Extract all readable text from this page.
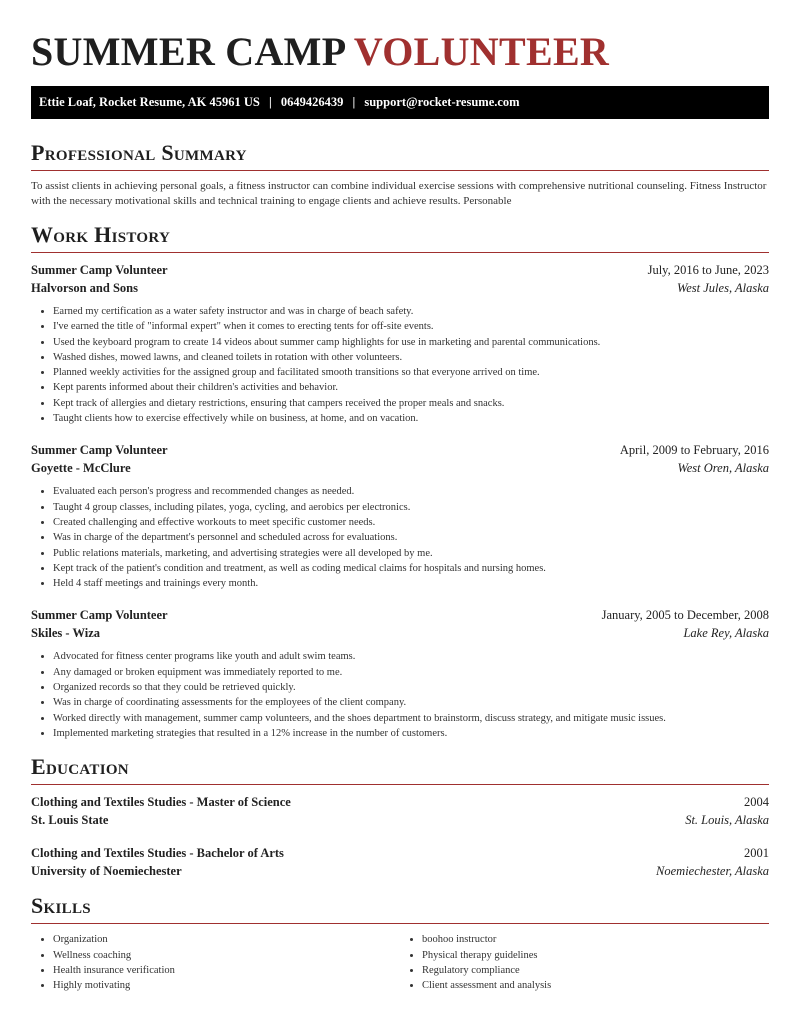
SUMMER CAMP VOLUNTEER
Ettie Loaf, Rocket Resume, AK 45961 US | 0649426439 | support@rocket-resume.com
Professional Summary
To assist clients in achieving personal goals, a fitness instructor can combine individual exercise sessions with comprehensive nutritional counseling. Fitness Instructor with the necessary motivational skills and technical training to engage clients and achieve results. Personable
Work History
Summer Camp Volunteer	July, 2016 to June, 2023
Halvorson and Sons	West Jules, Alaska
• Earned my certification as a water safety instructor and was in charge of beach safety.
• I've earned the title of "informal expert" when it comes to erecting tents for off-site events.
• Used the keyboard program to create 14 videos about summer camp highlights for use in marketing and parental communications.
• Washed dishes, mowed lawns, and cleaned toilets in rotation with other volunteers.
• Planned weekly activities for the assigned group and facilitated smooth transitions so that everyone arrived on time.
• Kept parents informed about their children's activities and behavior.
• Kept track of allergies and dietary restrictions, ensuring that campers received the proper meals and snacks.
• Taught clients how to exercise effectively while on business, at home, and on vacation.
Summer Camp Volunteer	April, 2009 to February, 2016
Goyette - McClure	West Oren, Alaska
• Evaluated each person's progress and recommended changes as needed.
• Taught 4 group classes, including pilates, yoga, cycling, and aerobics per electronics.
• Created challenging and effective workouts to meet specific customer needs.
• Was in charge of the department's personnel and scheduled across for evaluations.
• Public relations materials, marketing, and advertising strategies were all developed by me.
• Kept track of the patient's condition and treatment, as well as coding medical claims for hospitals and nursing homes.
• Held 4 staff meetings and trainings every month.
Summer Camp Volunteer	January, 2005 to December, 2008
Skiles - Wiza	Lake Rey, Alaska
• Advocated for fitness center programs like youth and adult swim teams.
• Any damaged or broken equipment was immediately reported to me.
• Organized records so that they could be retrieved quickly.
• Was in charge of coordinating assessments for the employees of the client company.
• Worked directly with management, summer camp volunteers, and the shoes department to brainstorm, discuss strategy, and mitigate music issues.
• Implemented marketing strategies that resulted in a 12% increase in the number of customers.
Education
Clothing and Textiles Studies - Master of Science	2004
St. Louis State	St. Louis, Alaska
Clothing and Textiles Studies - Bachelor of Arts	2001
University of Noemiechester	Noemiechester, Alaska
Skills
• Organization
• Wellness coaching
• Health insurance verification
• Highly motivating
• boohoo instructor
• Physical therapy guidelines
• Regulatory compliance
• Client assessment and analysis
